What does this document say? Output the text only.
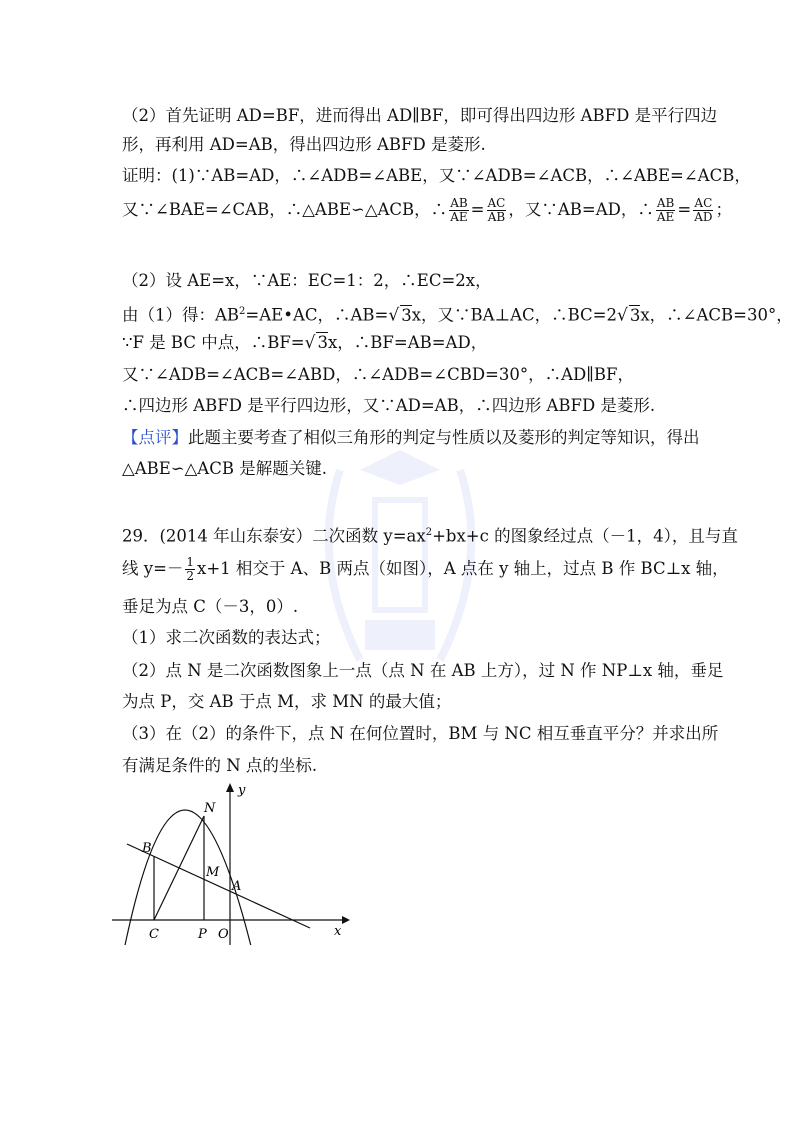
（2）首先证明 AD=BF，进而得出 AD∥BF，即可得出四边形 ABFD 是平行四边
形，再利用 AD=AB，得出四边形 ABFD 是菱形.
证明：(1)∵AB=AD，∴∠ADB=∠ABE，又∵∠ADB=∠ACB，∴∠ABE=∠ACB，
又∵∠BAE=∠CAB，∴△ABE∽△ACB，∴ $\frac{AB}{AE} = \frac{AC}{AB}$ ，又∵AB=AD，∴ $\frac{AB}{AE} = \frac{AC}{AD}$ ；
（2）设 AE=x，∵AE：EC=1：2，∴EC=2x，
由（1）得：$AB^2=AE•AC$，∴AB=√ 3x，又∵BA⊥AC，∴BC=2√ 3x，∴∠ACB=30°，
∵F 是 BC 中点，∴BF=√ 3x，∴BF=AB=AD，
又∵∠ADB=∠ACB=∠ABD，∴∠ADB=∠CBD=30°，∴AD∥BF，
∴四边形 ABFD 是平行四边形，又∵AD=AB，∴四边形 ABFD 是菱形.
【点评】此题主要考查了相似三角形的判定与性质以及菱形的判定等知识，得出
△ABE∽△ACB 是解题关键.
29．(2014 年山东泰安）二次函数 $y=ax^2+bx+c$ 的图象经过点（－1，4），且与直
线 $y=- \frac{1}{2} x+1$ 相交于 A、B 两点（如图），A 点在 y 轴上，过点 B 作 BC⊥x 轴，
垂足为点 C（－3，0）.
（1）求二次函数的表达式；
（2）点 N 是二次函数图象上一点（点 N 在 AB 上方），过 N 作 NP⊥x 轴，垂足
为点 P，交 AB 于点 M，求 MN 的最大值；
（3）在（2）的条件下，点 N 在何位置时，BM 与 NC 相互垂直平分？并求出所
有满足条件的 N 点的坐标.
y
x
N
B
M
A
C	P O
